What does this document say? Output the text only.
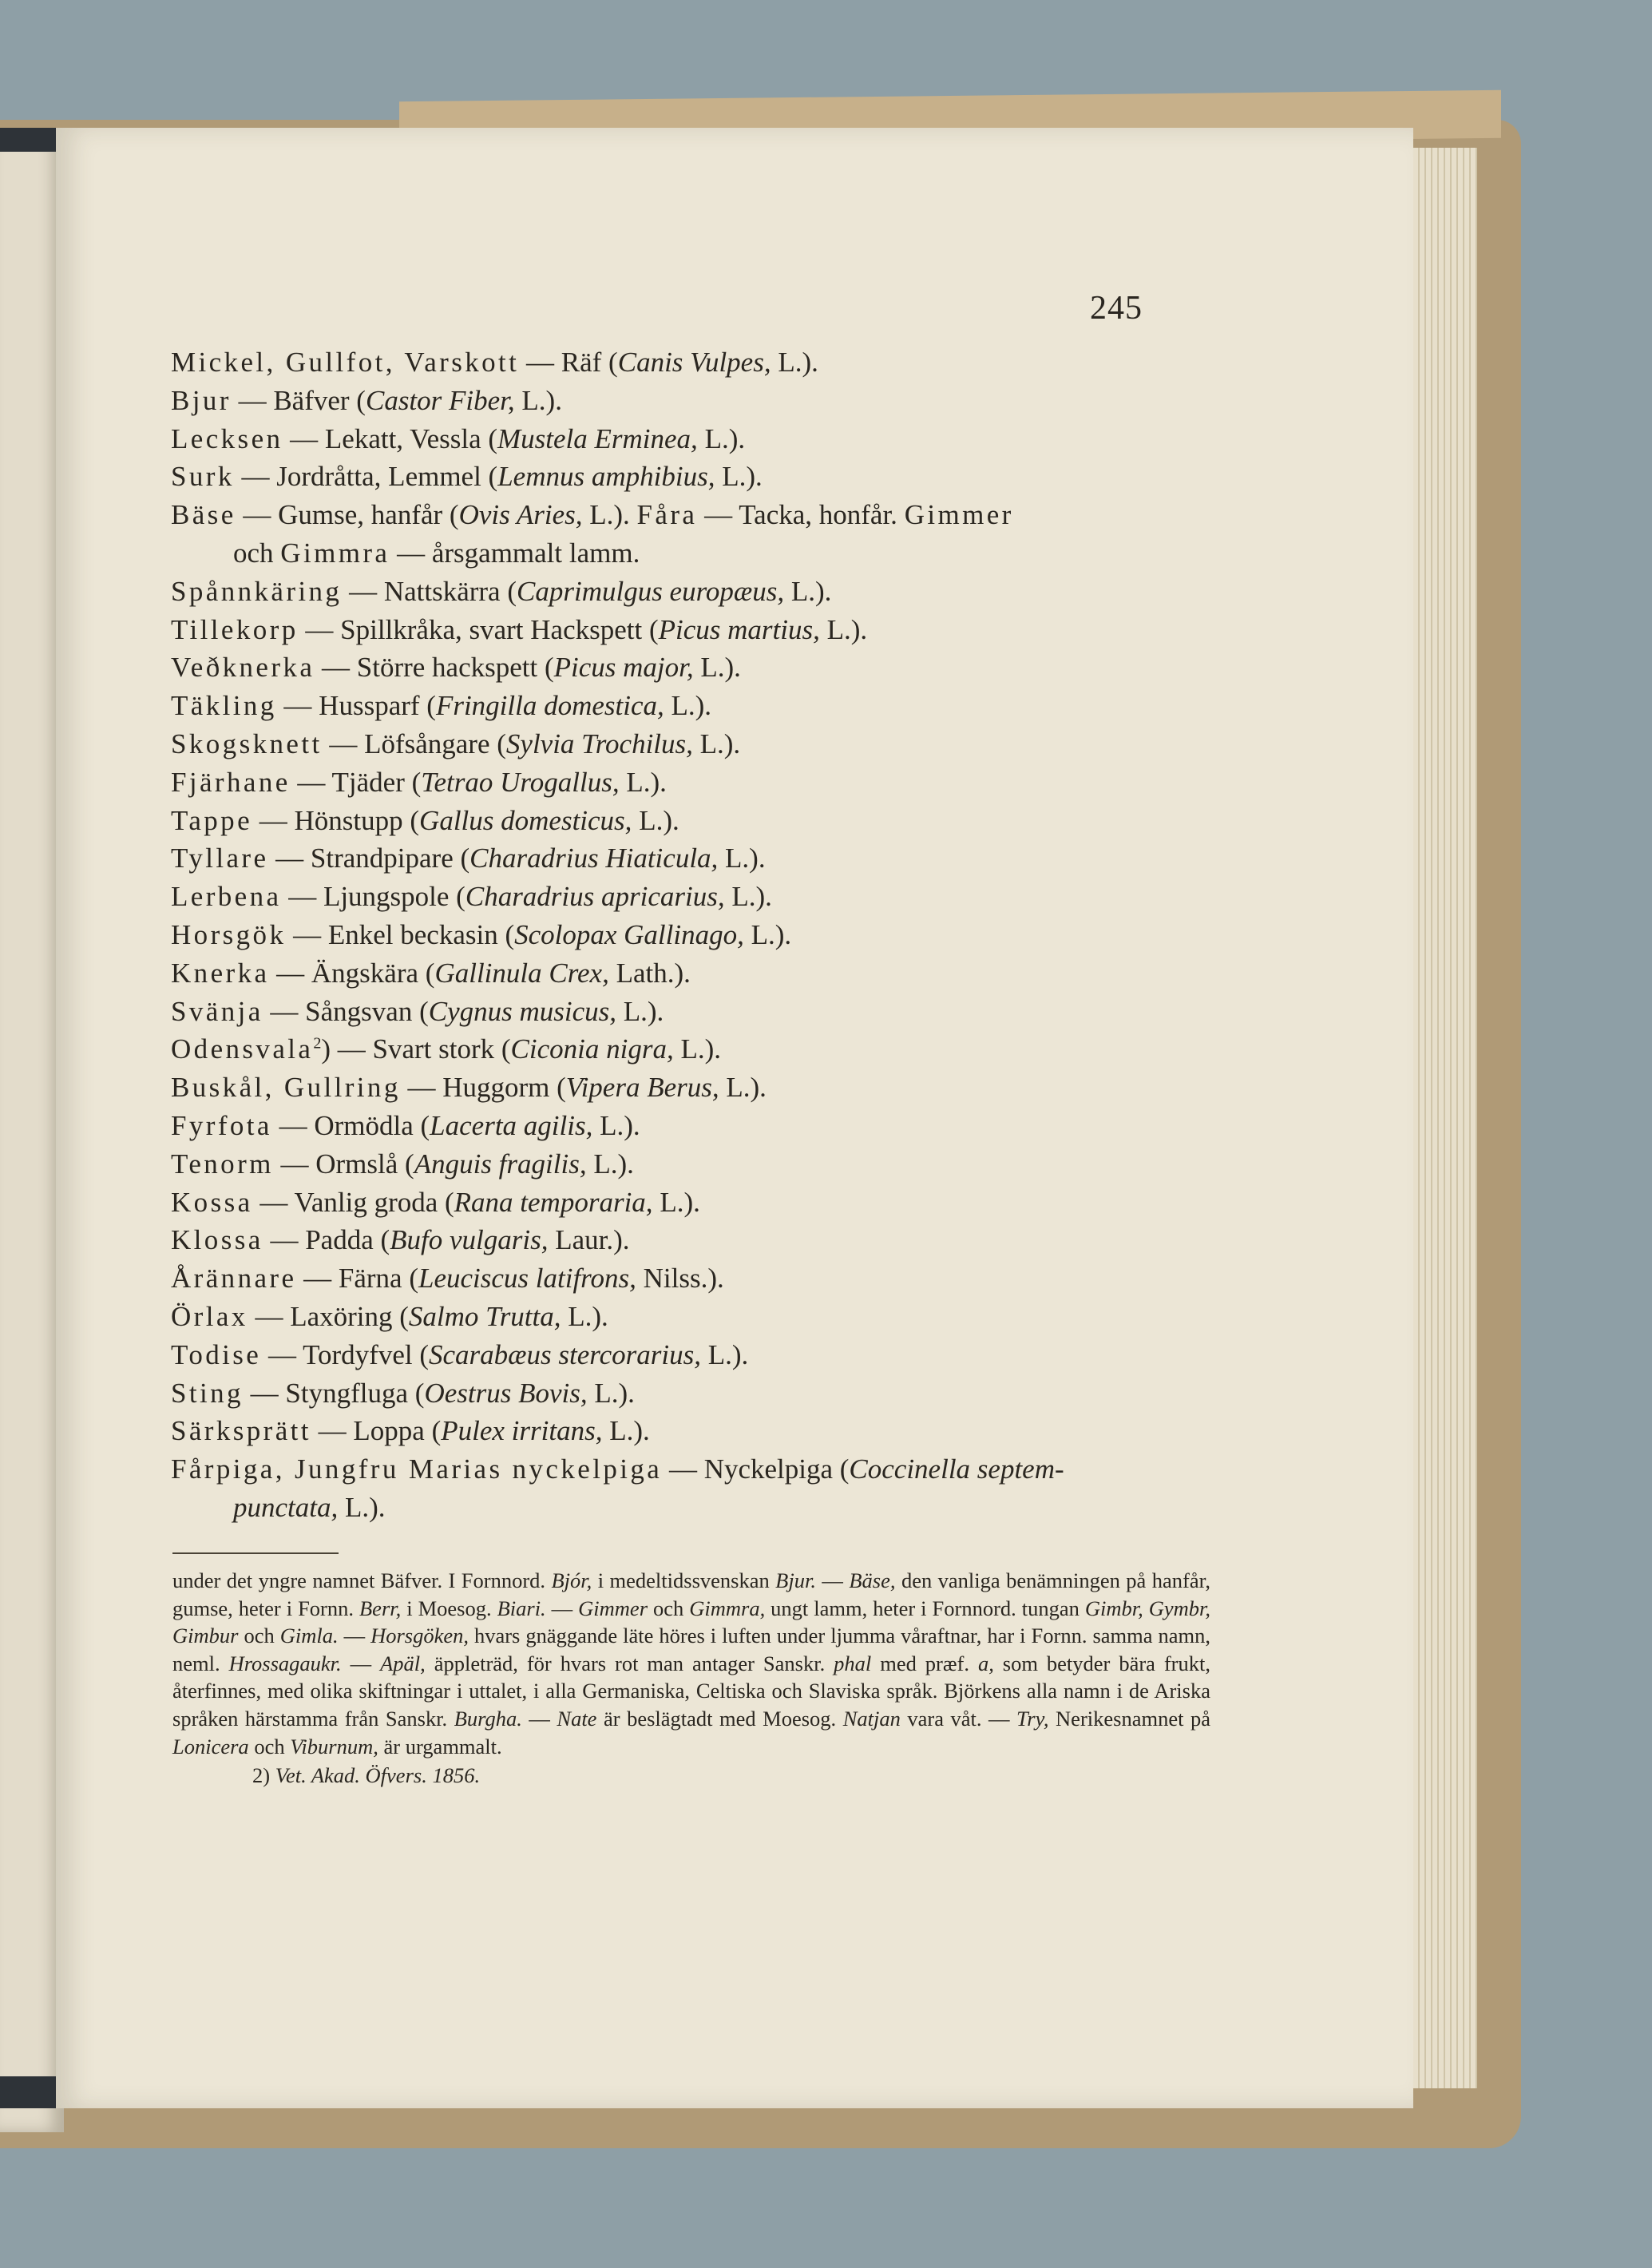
245
Mickel, Gullfot, Varskott — Räf (Canis Vulpes, L.).
Bjur — Bäfver (Castor Fiber, L.).
Lecksen — Lekatt, Vessla (Mustela Erminea, L.).
Surk — Jordråtta, Lemmel (Lemnus amphibius, L.).
Bäse — Gumse, hanfår (Ovis Aries, L.). Fåra — Tacka, honfår. Gimmer
och Gimmra — årsgammalt lamm.
Spånnkäring — Nattskärra (Caprimulgus europæus, L.).
Tillekorp — Spillkråka, svart Hackspett (Picus martius, L.).
Veðknerka — Större hackspett (Picus major, L.).
Täkling — Hussparf (Fringilla domestica, L.).
Skogsknett — Löfsångare (Sylvia Trochilus, L.).
Fjärhane — Tjäder (Tetrao Urogallus, L.).
Tappe — Hönstupp (Gallus domesticus, L.).
Tyllare — Strandpipare (Charadrius Hiaticula, L.).
Lerbena — Ljungspole (Charadrius apricarius, L.).
Horsgök — Enkel beckasin (Scolopax Gallinago, L.).
Knerka — Ängskära (Gallinula Crex, Lath.).
Svänja — Sångsvan (Cygnus musicus, L.).
Odensvala$^2$) — Svart stork (Ciconia nigra, L.).
Buskål, Gullring — Huggorm (Vipera Berus, L.).
Fyrfota — Ormödla (Lacerta agilis, L.).
Tenorm — Ormslå (Anguis fragilis, L.).
Kossa — Vanlig groda (Rana temporaria, L.).
Klossa — Padda (Bufo vulgaris, Laur.).
Årännare — Färna (Leuciscus latifrons, Nilss.).
Örlax — Laxöring (Salmo Trutta, L.).
Todise — Tordyfvel (Scarabæus stercorarius, L.).
Sting — Styngfluga (Oestrus Bovis, L.).
Särksprätt — Loppa (Pulex irritans, L.).
Fårpiga, Jungfru Marias nyckelpiga — Nyckelpiga (Coccinella septem-
punctata, L.).
under det yngre namnet Bäfver. I Fornnord. Bjór, i medeltidssvenskan Bjur. — Bäse, den vanliga benämningen på hanfår, gumse, heter i Fornn. Berr, i Moesog. Biari. — Gimmer och Gimmra, ungt lamm, heter i Fornnord. tungan Gimbr, Gymbr, Gimbur och Gimla. — Horsgöken, hvars gnäggande läte höres i luften under ljumma våraftnar, har i Fornn. samma namn, neml. Hrossagaukr. — Apäl, äppleträd, för hvars rot man antager Sanskr. phal med præf. a, som betyder bära frukt, återfinnes, med olika skiftningar i uttalet, i alla Germaniska, Celtiska och Slaviska språk. Björkens alla namn i de Ariska språken härstamma från Sanskr. Burgha. — Nate är beslägtadt med Moesog. Natjan vara våt. — Try, Nerikesnamnet på Lonicera och Viburnum, är urgammalt.
2) Vet. Akad. Öfvers. 1856.
